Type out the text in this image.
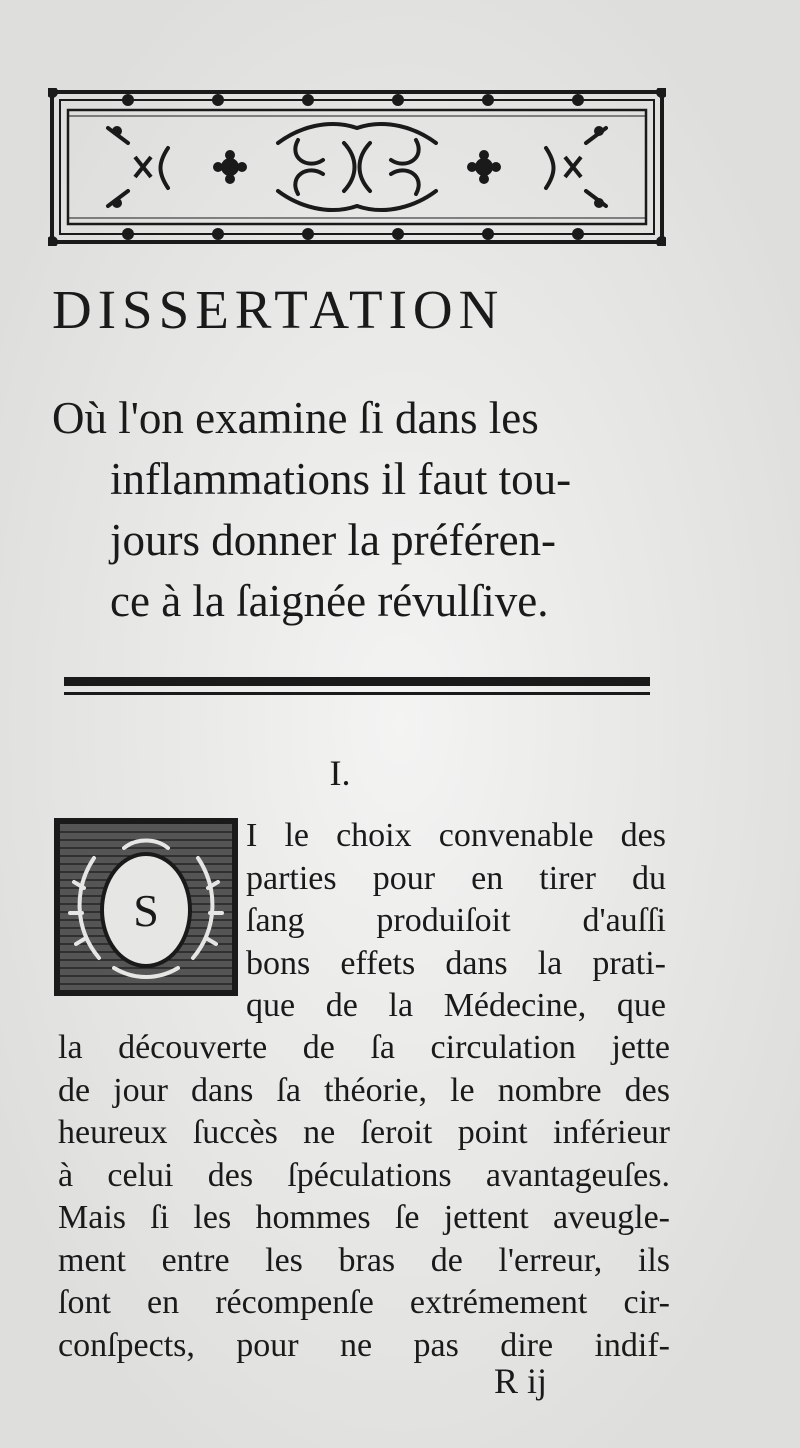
DISSERTATION
Où l'on examine ſi dans les
inflammations il faut tou-
jours donner la préféren-
ce à la ſaignée révulſive.
I.
S
I le choix convenable des
parties pour en tirer du
ſang produiſoit d'auſſi
bons effets dans la prati-
que de la Médecine, que
la découverte de ſa circulation jette
de jour dans ſa théorie, le nombre des
heureux ſuccès ne ſeroit point inférieur
à celui des ſpéculations avantageuſes.
Mais ſi les hommes ſe jettent aveugle-
ment entre les bras de l'erreur, ils
ſont en récompenſe extrémement cir-
conſpects, pour ne pas dire indif-
R ij
